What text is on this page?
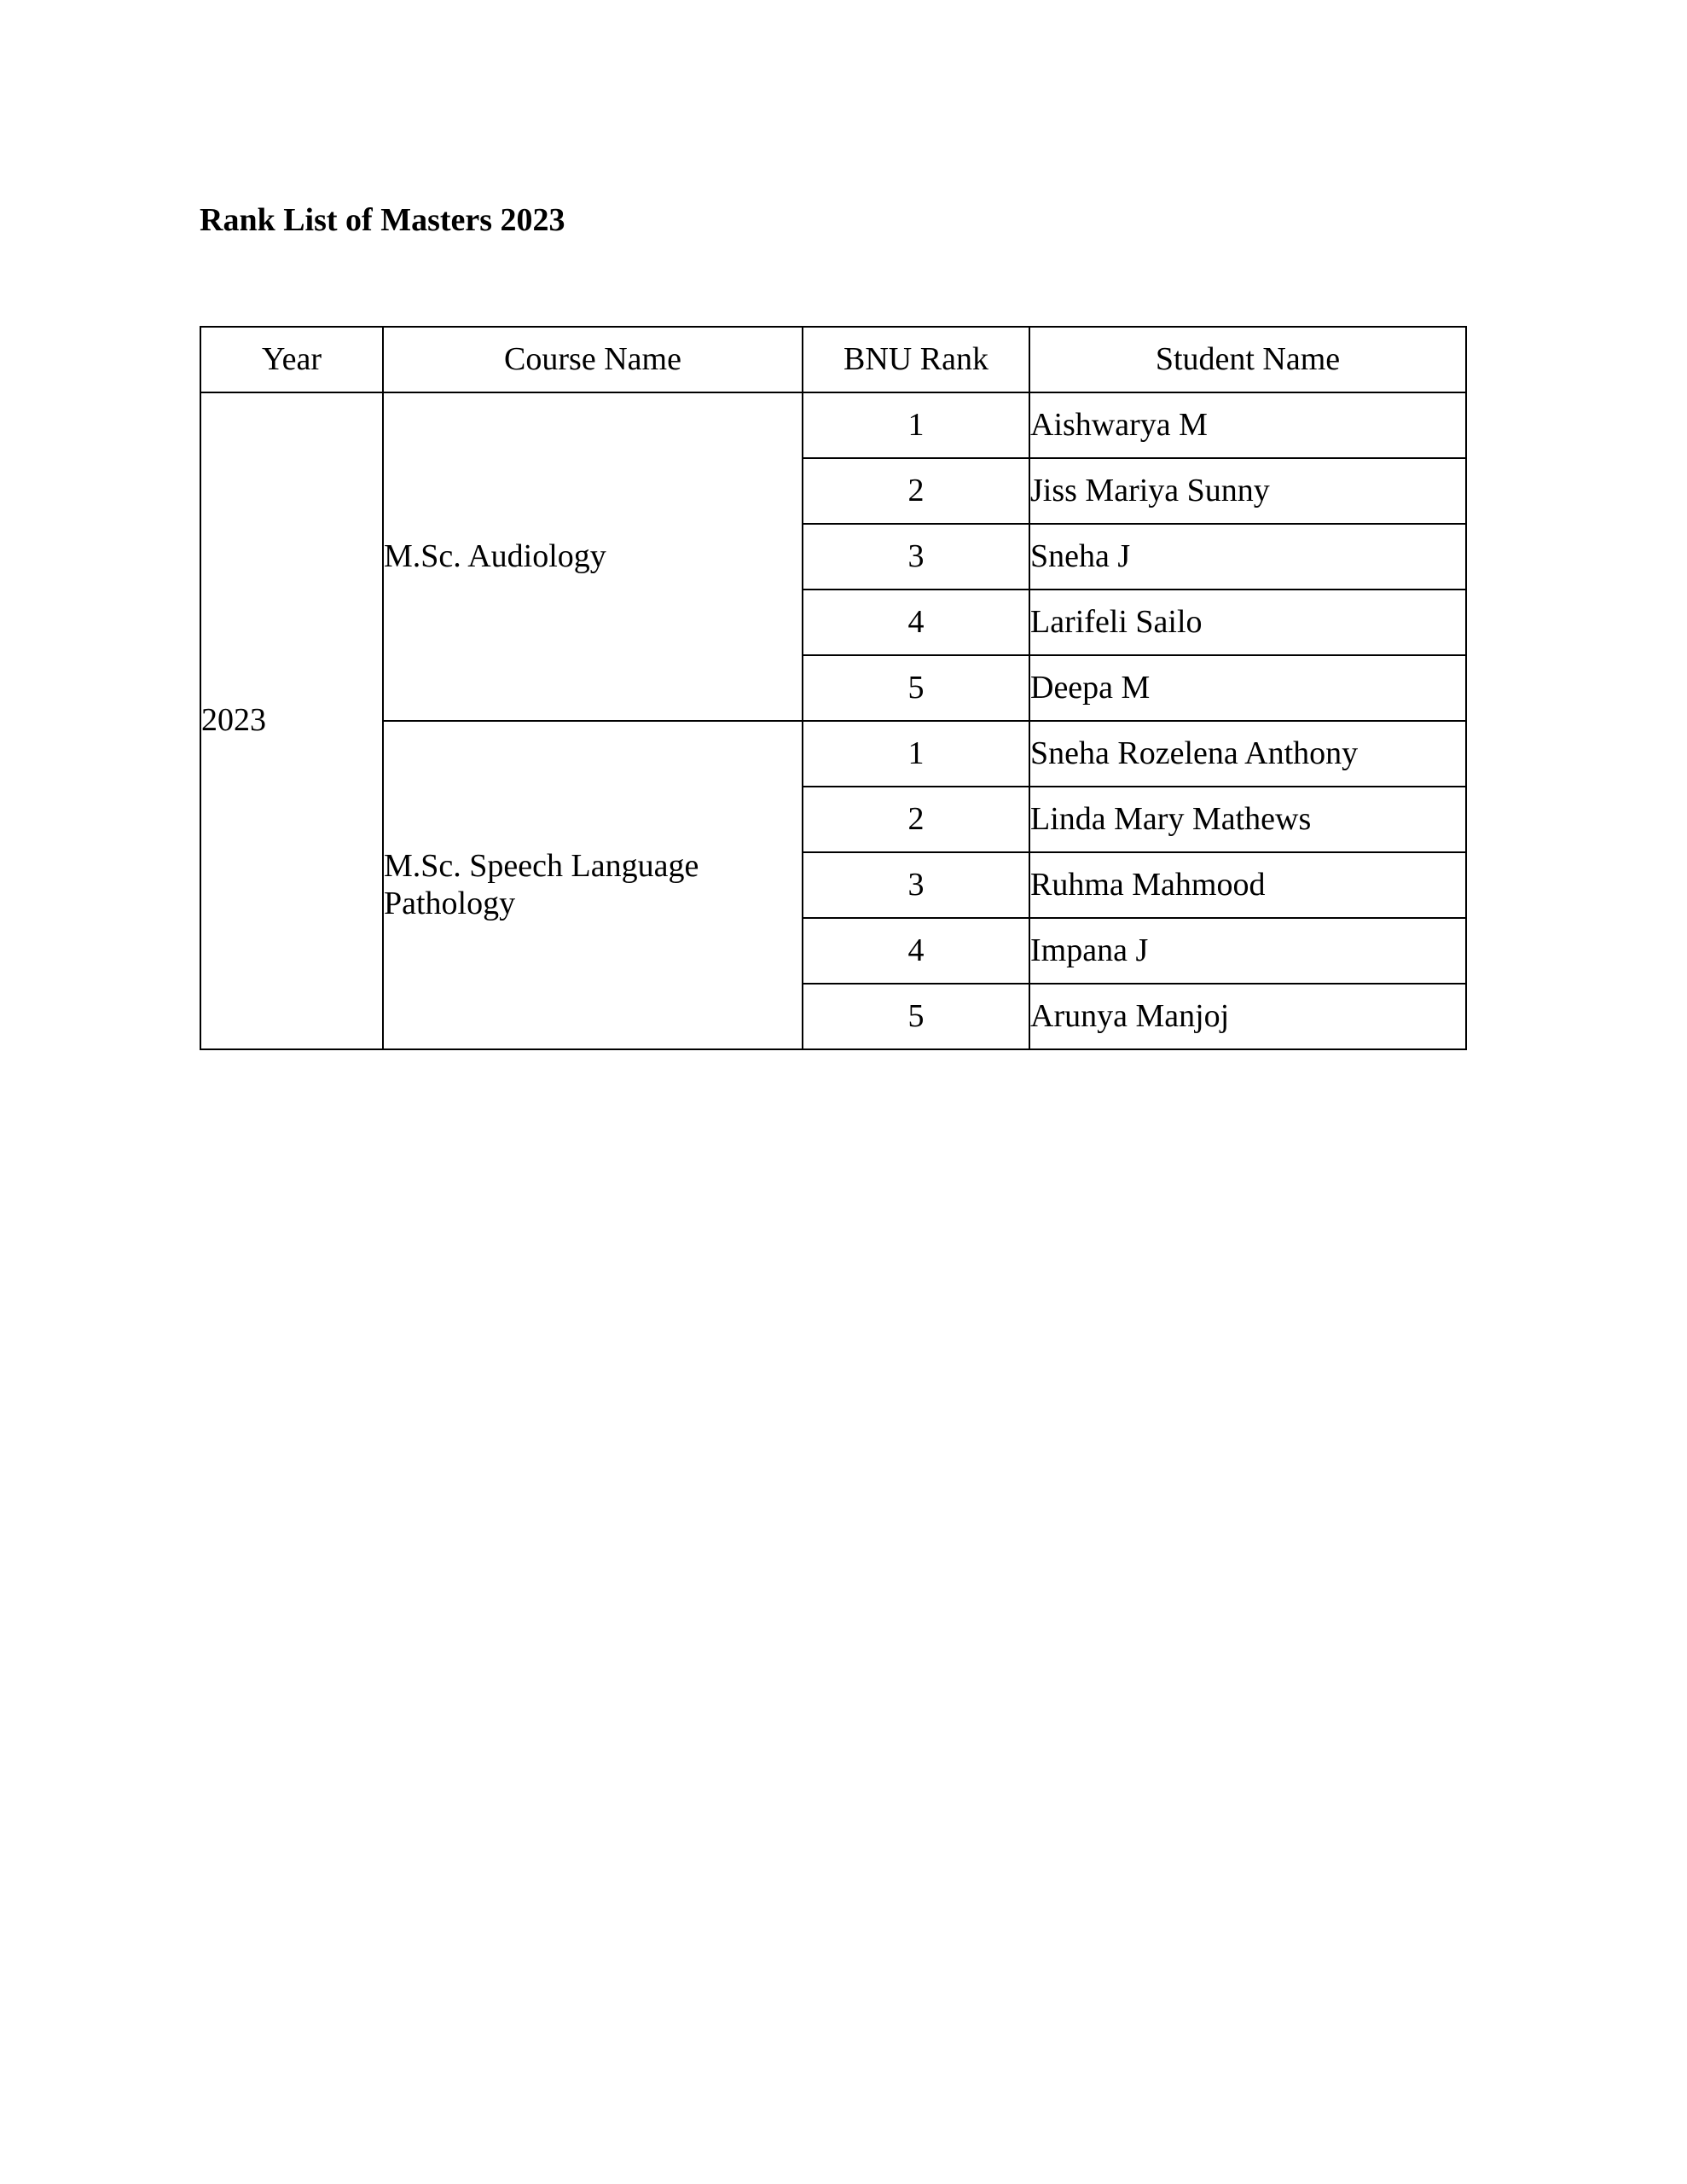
Rank List of Masters 2023
Year	Course Name	BNU Rank	Student Name
2023	M.Sc. Audiology	1	Aishwarya M
		2	Jiss Mariya Sunny
		3	Sneha J
		4	Larifeli Sailo
		5	Deepa M
	M.Sc. Speech Language Pathology	1	Sneha Rozelena Anthony
		2	Linda Mary Mathews
		3	Ruhma Mahmood
		4	Impana J
		5	Arunya Manjoj
